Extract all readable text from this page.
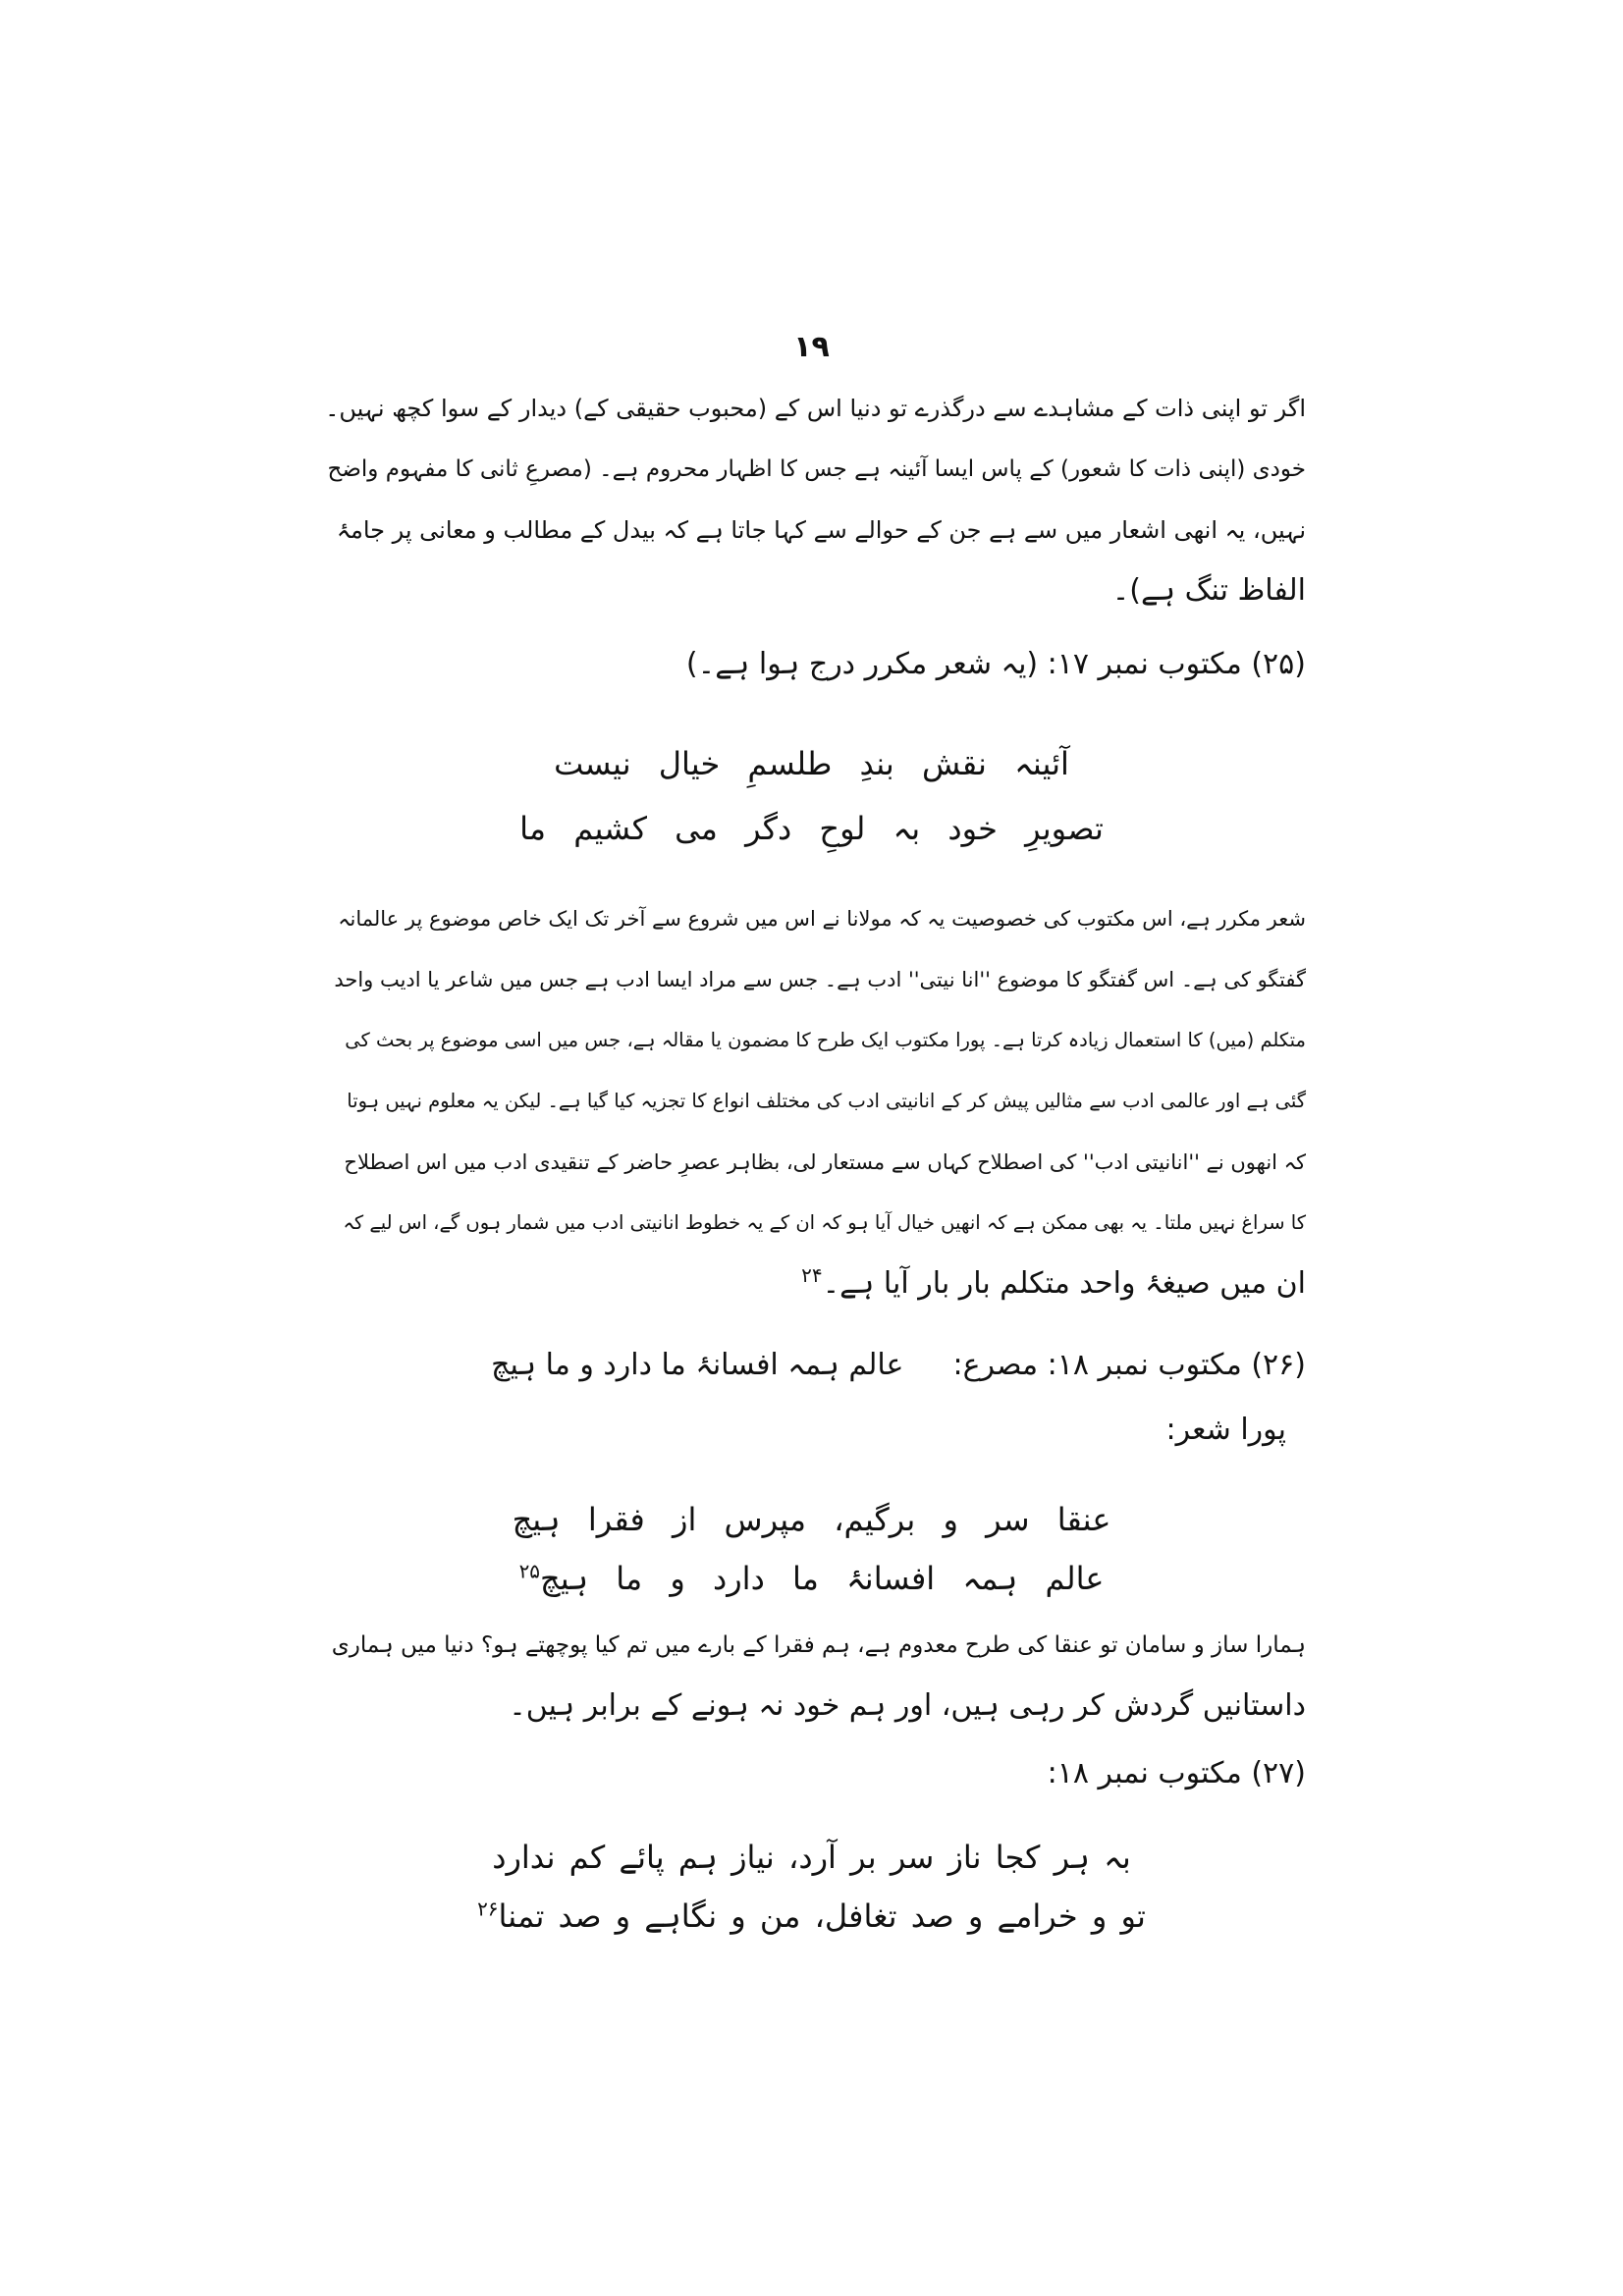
۱۹
اگر تو اپنی ذات کے مشاہدے سے درگذرے تو دنیا اس کے (محبوب حقیقی کے) دیدار کے سوا کچھ نہیں۔
خودی (اپنی ذات کا شعور) کے پاس ایسا آئینہ ہے جس کا اظہار محروم ہے۔ (مصرعِ ثانی کا مفہوم واضح
نہیں، یہ انھی اشعار میں سے ہے جن کے حوالے سے کہا جاتا ہے کہ بیدل کے مطالب و معانی پر جامۂ
الفاظ تنگ ہے)۔
(۲۵) مکتوب نمبر ۱۷: (یہ شعر مکرر درج ہوا ہے۔)
آئینہ نقش بندِ طلسمِ خیال نیست
تصویرِ خود بہ لوحِ دگر می کشیم ما
شعر مکرر ہے، اس مکتوب کی خصوصیت یہ کہ مولانا نے اس میں شروع سے آخر تک ایک خاص موضوع پر عالمانہ
گفتگو کی ہے۔ اس گفتگو کا موضوع ''انا نیتی'' ادب ہے۔ جس سے مراد ایسا ادب ہے جس میں شاعر یا ادیب واحد
متکلم (میں) کا استعمال زیادہ کرتا ہے۔ پورا مکتوب ایک طرح کا مضمون یا مقالہ ہے، جس میں اسی موضوع پر بحث کی
گئی ہے اور عالمی ادب سے مثالیں پیش کر کے انانیتی ادب کی مختلف انواع کا تجزیہ کیا گیا ہے۔ لیکن یہ معلوم نہیں ہوتا
کہ انھوں نے ''انانیتی ادب'' کی اصطلاح کہاں سے مستعار لی، بظاہر عصرِ حاضر کے تنقیدی ادب میں اس اصطلاح
کا سراغ نہیں ملتا۔ یہ بھی ممکن ہے کہ انھیں خیال آیا ہو کہ ان کے یہ خطوط انانیتی ادب میں شمار ہوں گے، اس لیے کہ
ان میں صیغۂ واحد متکلم بار بار آیا ہے۔$^{۲۴}$
(۲۶) مکتوب نمبر ۱۸: مصرع:عالم ہمہ افسانۂ ما دارد و ما ہیچ
پورا شعر:
عنقا سر و برگیم، مپرس از فقرا ہیچ
عالم ہمہ افسانۂ ما دارد و ما ہیچ$^{۲۵}$
ہمارا ساز و سامان تو عنقا کی طرح معدوم ہے، ہم فقرا کے بارے میں تم کیا پوچھتے ہو؟ دنیا میں ہماری
داستانیں گردش کر رہی ہیں، اور ہم خود نہ ہونے کے برابر ہیں۔
(۲۷) مکتوب نمبر ۱۸:
بہ ہر کجا ناز سر بر آرد، نیاز ہم پائے کم ندارد
تو و خرامے و صد تغافل، من و نگاہے و صد تمنا$^{۲۶}$
